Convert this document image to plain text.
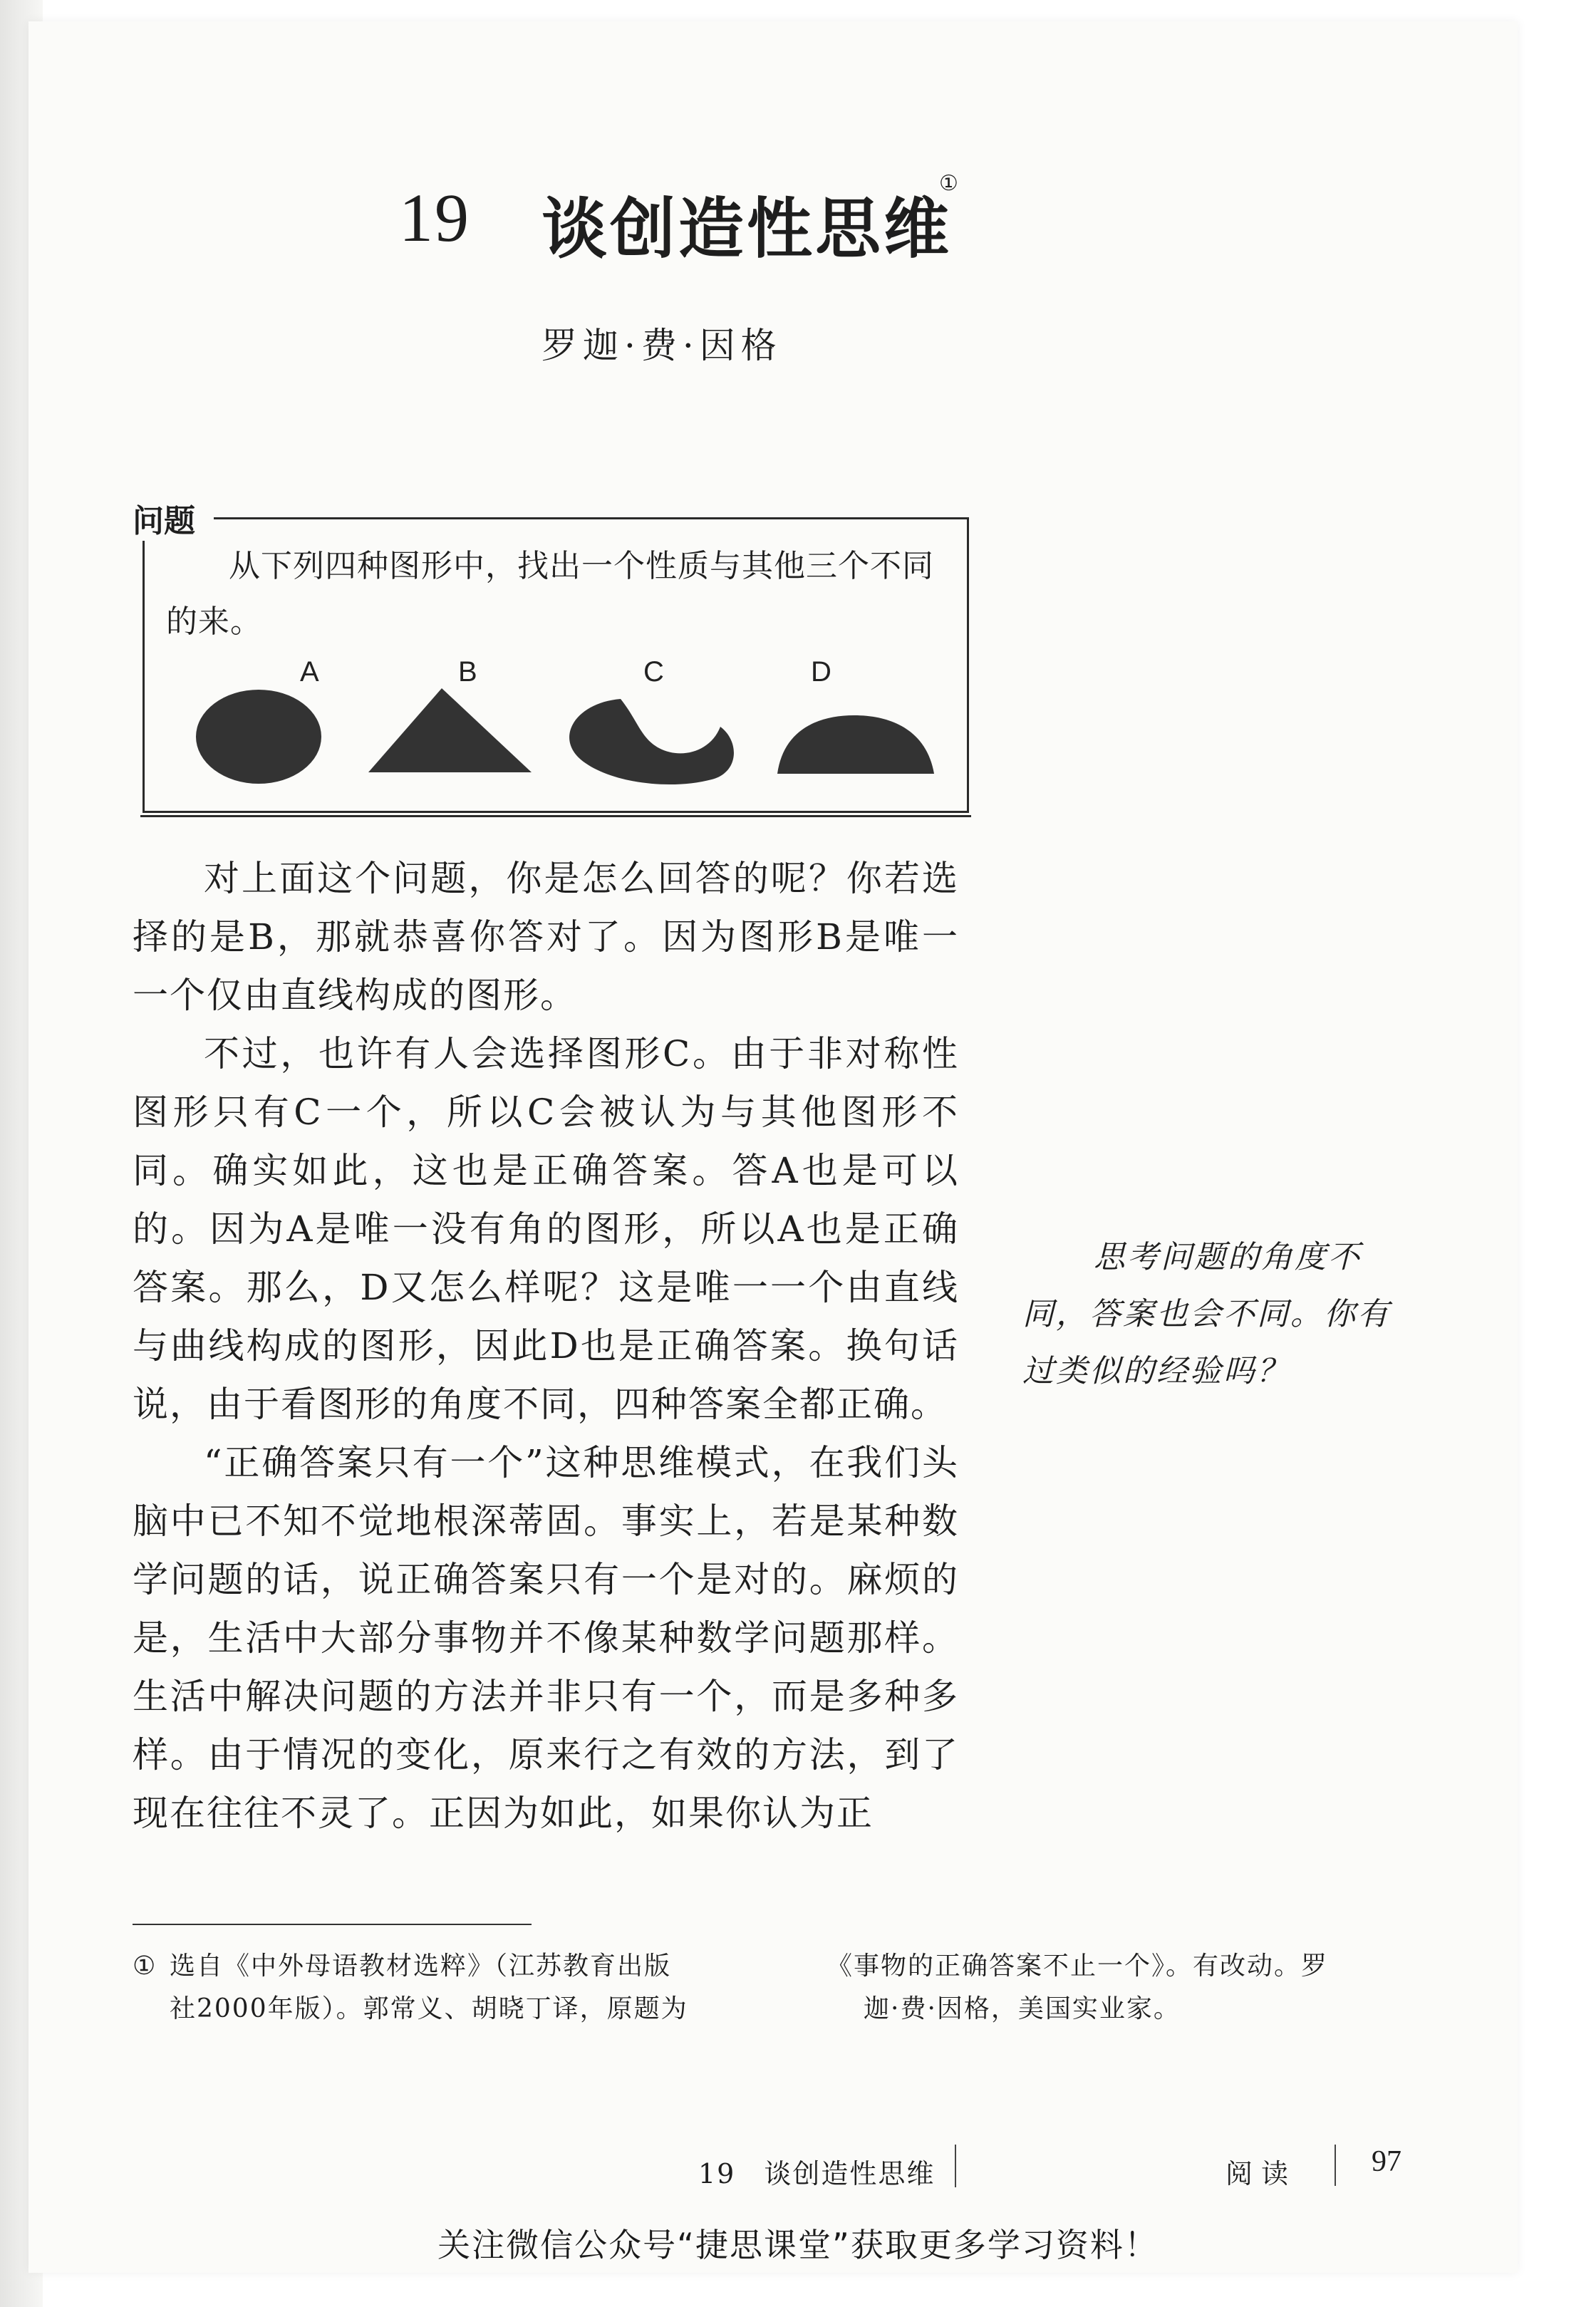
19 谈创造性思维
①
罗迦·费·因格
问题
从下列四种图形中，找出一个性质与其他三个不同的来。
A	B	C	D

对上面这个问题，你是怎么回答的呢？你若选择的是B，那就恭喜你答对了。因为图形B是唯一一个仅由直线构成的图形。

不过，也许有人会选择图形C。由于非对称性图形只有C一个，所以C会被认为与其他图形不同。确实如此，这也是正确答案。答A也是可以的。因为A是唯一没有角的图形，所以A也是正确答案。那么，D又怎么样呢？这是唯一一个由直线与曲线构成的图形，因此D也是正确答案。换句话说，由于看图形的角度不同，四种答案全都正确。

“正确答案只有一个”这种思维模式，在我们头脑中已不知不觉地根深蒂固。事实上，若是某种数学问题的话，说正确答案只有一个是对的。麻烦的是，生活中大部分事物并不像某种数学问题那样。生活中解决问题的方法并非只有一个，而是多种多样。由于情况的变化，原来行之有效的方法，到了现在往往不灵了。正因为如此，如果你认为正

思考问题的角度不同，答案也会不同。你有过类似的经验吗？

① 选自《中外母语教材选粹》（江苏教育出版
社2000年版）。郭常义、胡晓丁译，原题为
《事物的正确答案不止一个》。有改动。罗
迦·费·因格，美国实业家。
19　谈创造性思维	阅读 97
关注微信公众号“捷思课堂”获取更多学习资料！
